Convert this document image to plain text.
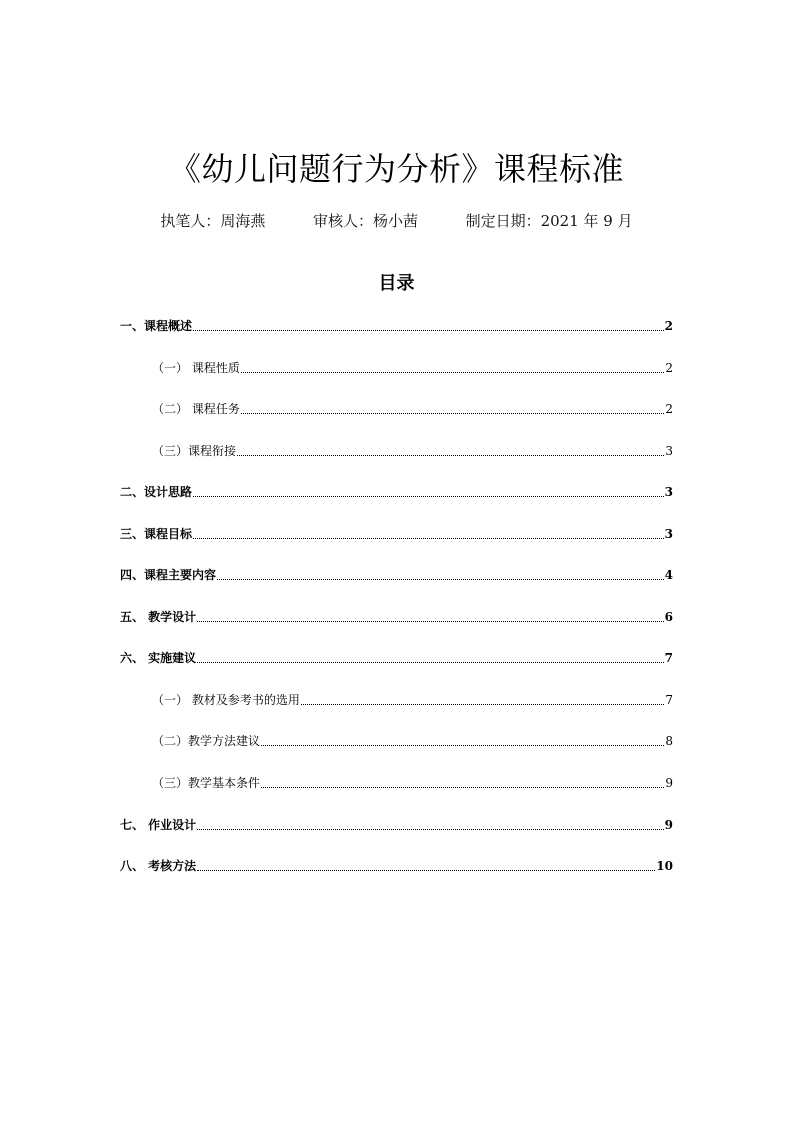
《幼儿问题行为分析》课程标准
执笔人：周海燕	审核人：杨小茜	制定日期：2021 年 9 月
目录
一、课程概述	2
（一） 课程性质	2
（二） 课程任务	2
（三）课程衔接	3
二、设计思路	3
三、课程目标	3
四、课程主要内容	4
五、 教学设计	6
六、 实施建议	7
（一） 教材及参考书的选用	7
（二）教学方法建议	8
（三）教学基本条件	9
七、 作业设计	9
八、 考核方法	10
